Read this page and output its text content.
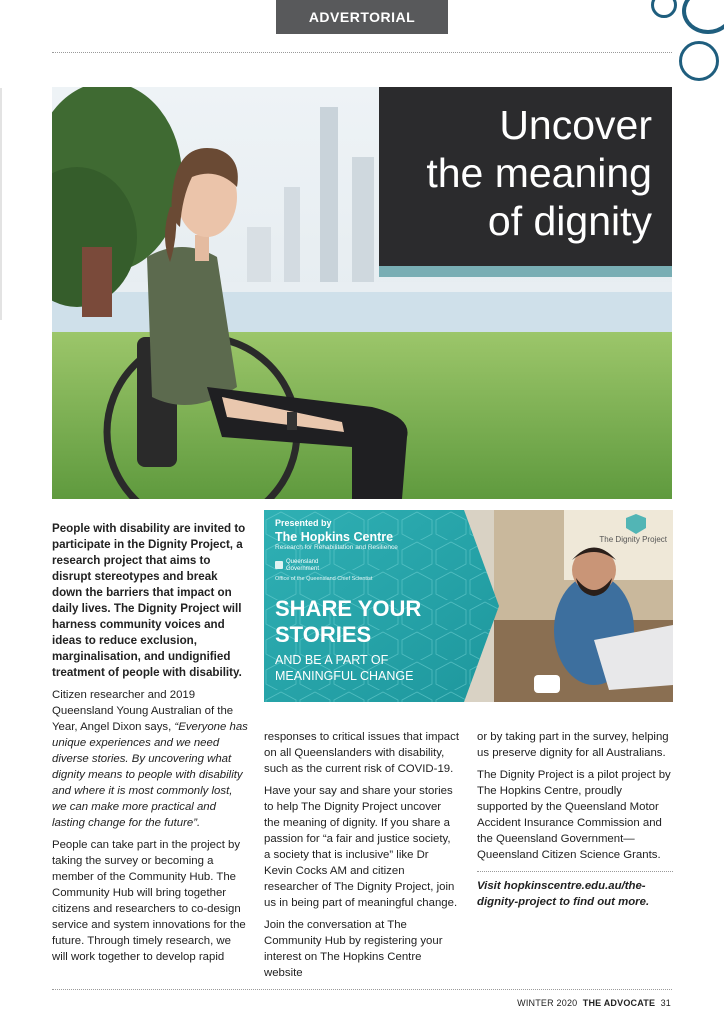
ADVERTORIAL
Uncover
the meaning
of dignity

People with disability are invited to participate in the Dignity Project, a research project that aims to disrupt stereotypes and break down the barriers that impact on daily lives. The Dignity Project will harness community voices and ideas to reduce exclusion, marginalisation, and undignified treatment of people with disability.

Citizen researcher and 2019 Queensland Young Australian of the Year, Angel Dixon says, “Everyone has unique experiences and we need diverse stories. By uncovering what dignity means to people with disability and where it is most commonly lost, we can make more practical and lasting change for the future”.

People can take part in the project by taking the survey or becoming a member of the Community Hub. The Community Hub will bring together citizens and researchers to co-design service and system innovations for the future. Through timely research, we will work together to develop rapid

Presented by
The Hopkins Centre
Research for Rehabilitation and Resilience
Queensland
Government
Office of the Queensland Chief Scientist
SHARE YOUR
STORIES
AND BE A PART OF
MEANINGFUL CHANGE
The Dignity Project

responses to critical issues that impact on all Queenslanders with disability, such as the current risk of COVID-19.

Have your say and share your stories to help The Dignity Project uncover the meaning of dignity. If you share a passion for “a fair and justice society, a society that is inclusive” like Dr Kevin Cocks AM and citizen researcher of The Dignity Project, join us in being part of meaningful change.

Join the conversation at The Community Hub by registering your interest on The Hopkins Centre website

or by taking part in the survey, helping us preserve dignity for all Australians.

The Dignity Project is a pilot project by The Hopkins Centre, proudly supported by the Queensland Motor Accident Insurance Commission and the Queensland Government—Queensland Citizen Science Grants.

Visit hopkinscentre.edu.au/the-dignity-project to find out more.

WINTER 2020 THE ADVOCATE 31
